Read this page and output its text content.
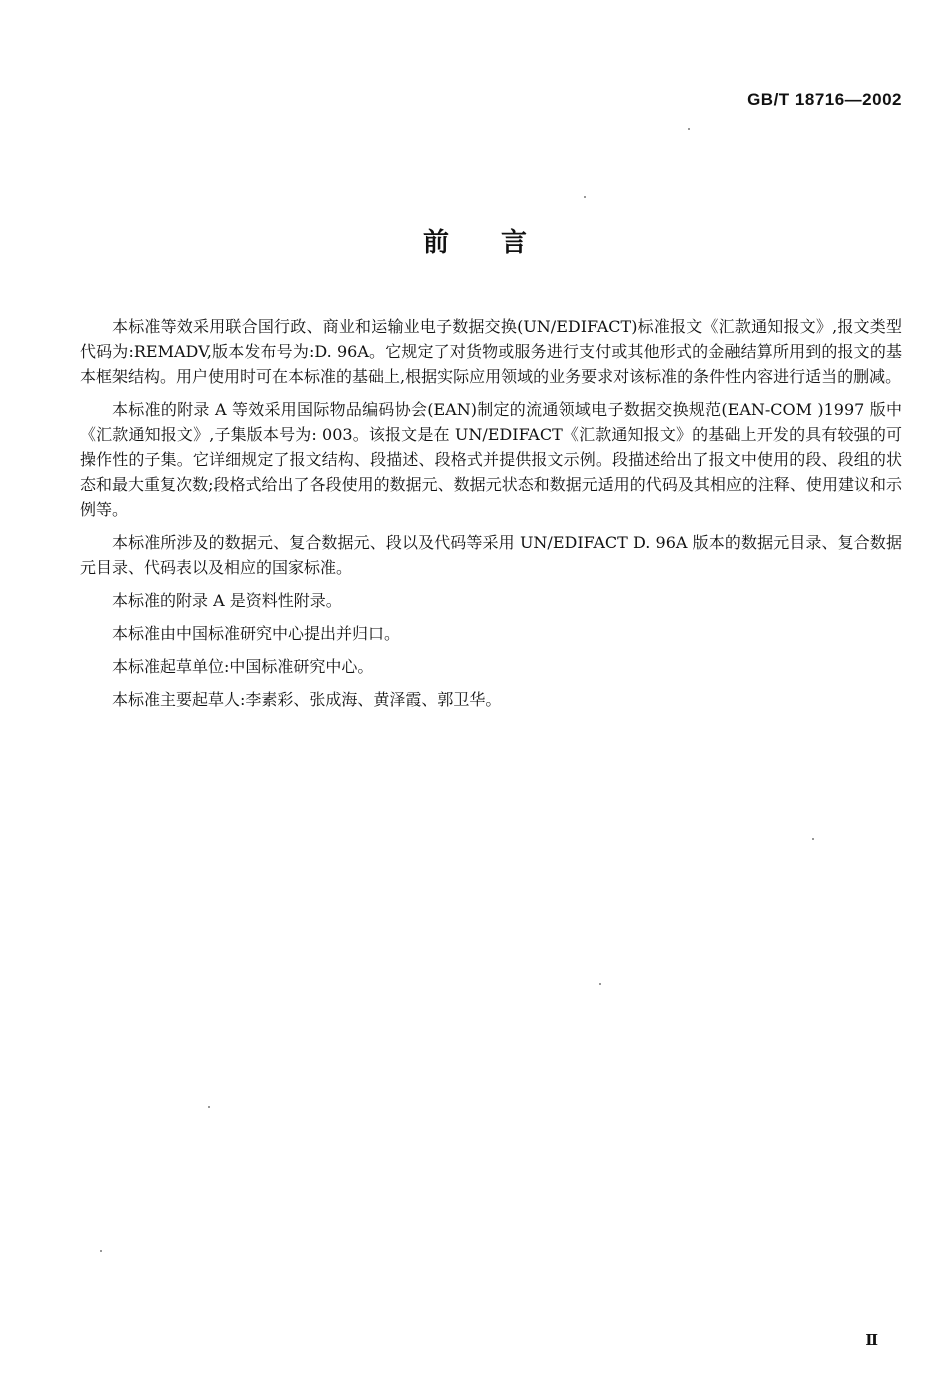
GB/T 18716—2002
前言

本标准等效采用联合国行政、商业和运输业电子数据交换(UN/EDIFACT)标准报文《汇款通知报文》,报文类型代码为:REMADV,版本发布号为:D. 96A。它规定了对货物或服务进行支付或其他形式的金融结算所用到的报文的基本框架结构。用户使用时可在本标准的基础上,根据实际应用领域的业务要求对该标准的条件性内容进行适当的删减。

本标准的附录 A 等效采用国际物品编码协会(EAN)制定的流通领域电子数据交换规范(EAN-COM )1997 版中《汇款通知报文》,子集版本号为: 003。该报文是在 UN/EDIFACT《汇款通知报文》的基础上开发的具有较强的可操作性的子集。它详细规定了报文结构、段描述、段格式并提供报文示例。段描述给出了报文中使用的段、段组的状态和最大重复次数;段格式给出了各段使用的数据元、数据元状态和数据元适用的代码及其相应的注释、使用建议和示例等。

本标准所涉及的数据元、复合数据元、段以及代码等采用 UN/EDIFACT D. 96A 版本的数据元目录、复合数据元目录、代码表以及相应的国家标准。

本标准的附录 A 是资料性附录。

本标准由中国标准研究中心提出并归口。

本标准起草单位:中国标准研究中心。

本标准主要起草人:李素彩、张成海、黄泽霞、郭卫华。

Ⅱ
